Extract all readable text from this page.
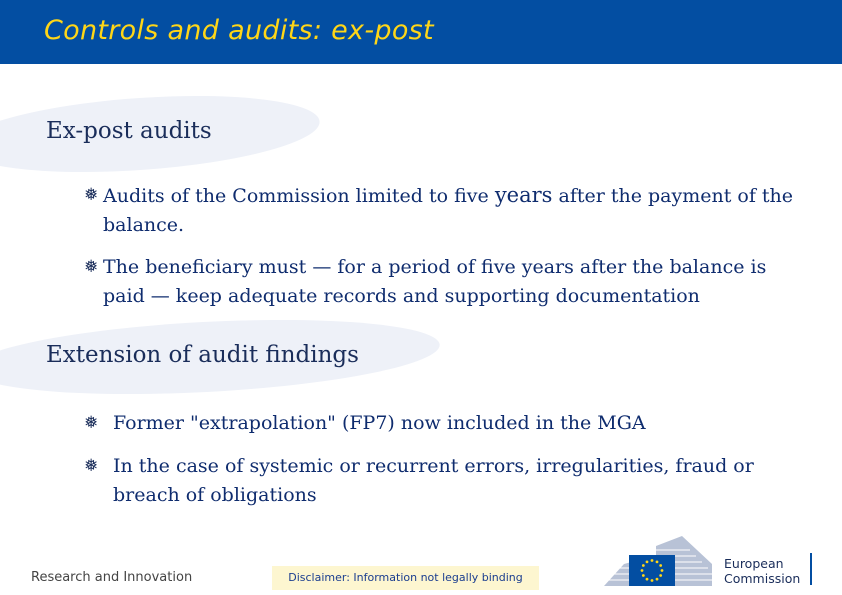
Controls and audits: ex-post
Ex-post audits
❅ Audits of the Commission limited to five years after the payment of the balance.
❅ The beneficiary must — for a period of five years after the balance is paid — keep adequate records and supporting documentation
Extension of audit findings
❅ Former "extrapolation" (FP7) now included in the MGA
❅ In the case of systemic or recurrent errors, irregularities, fraud or breach of obligations
Research and Innovation	Disclaimer: Information not legally binding
European
Commission
